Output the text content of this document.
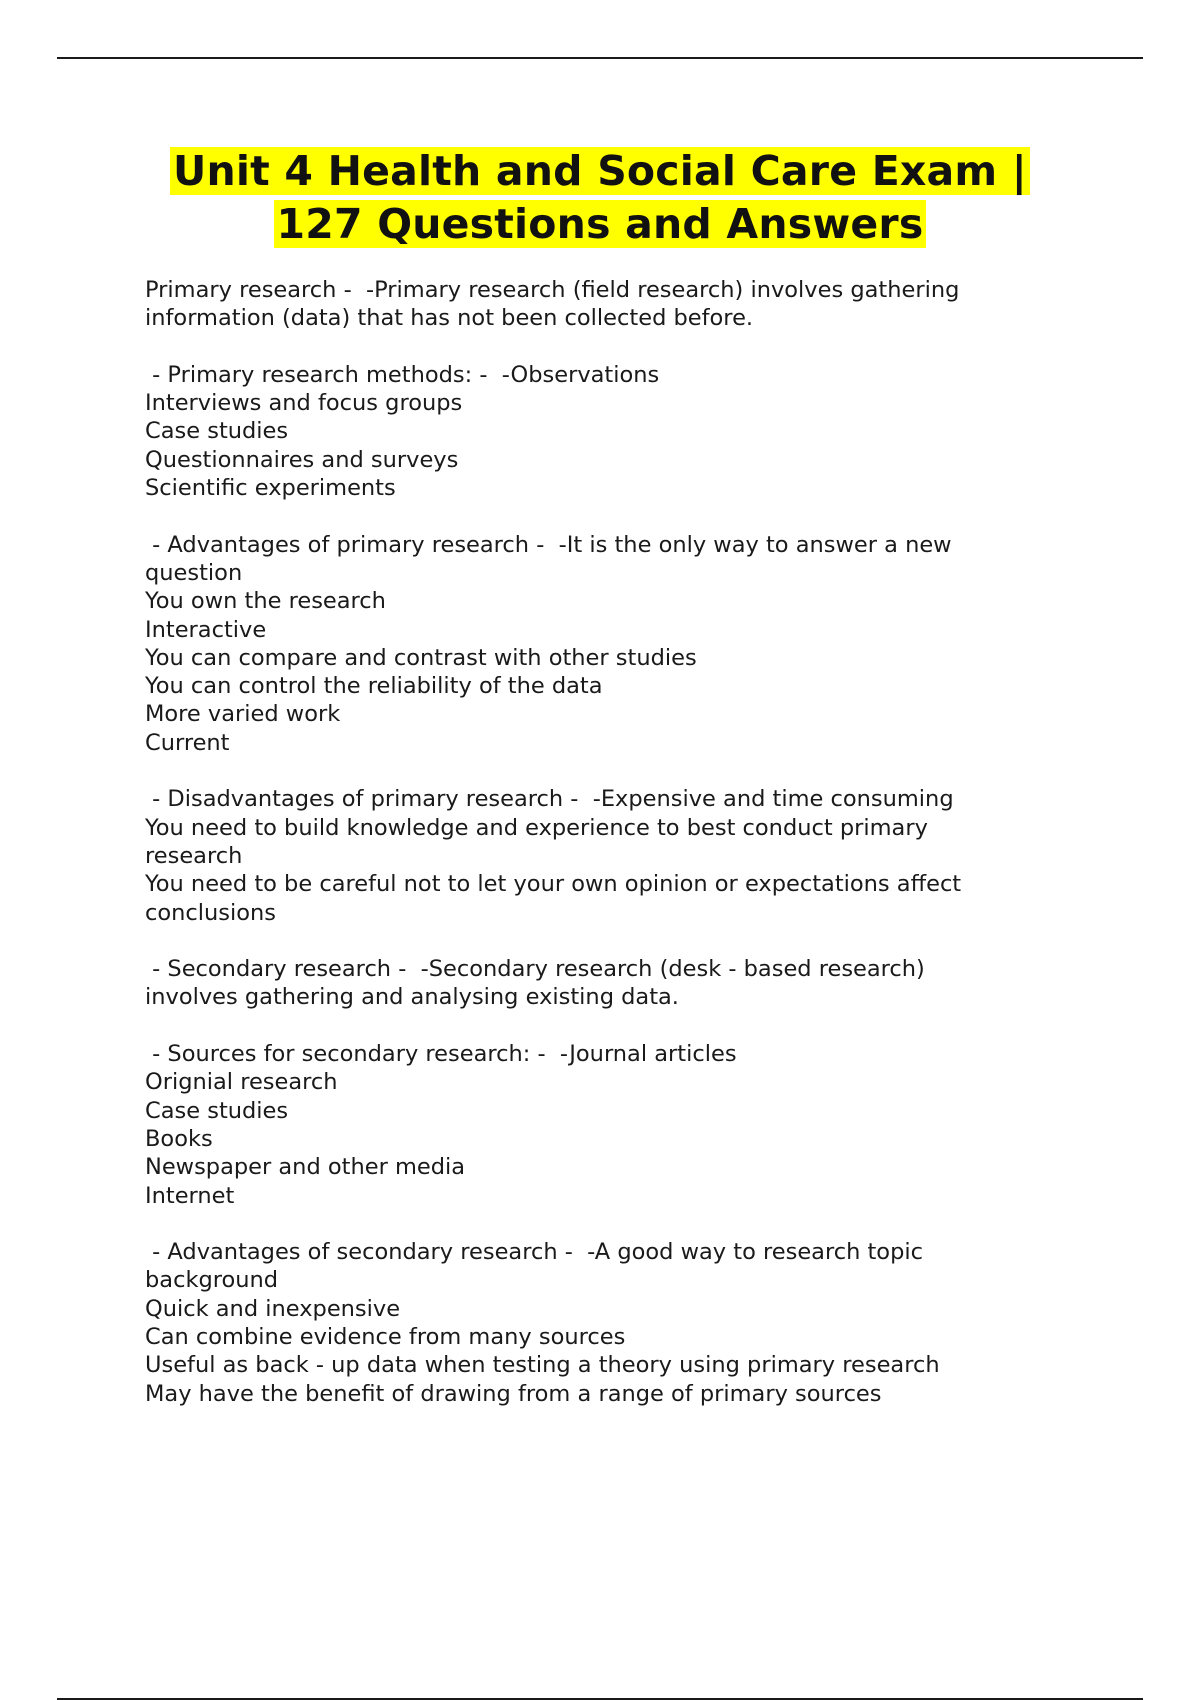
Unit 4 Health and Social Care Exam |
127 Questions and Answers
Primary research -  -Primary research (field research) involves gathering
information (data) that has not been collected before.
- Primary research methods: -  -Observations
Interviews and focus groups
Case studies
Questionnaires and surveys
Scientific experiments
- Advantages of primary research -  -It is the only way to answer a new
question
You own the research
Interactive
You can compare and contrast with other studies
You can control the reliability of the data
More varied work
Current
- Disadvantages of primary research -  -Expensive and time consuming
You need to build knowledge and experience to best conduct primary
research
You need to be careful not to let your own opinion or expectations affect
conclusions
- Secondary research -  -Secondary research (desk - based research)
involves gathering and analysing existing data.
- Sources for secondary research: -  -Journal articles
Orignial research
Case studies
Books
Newspaper and other media
Internet
- Advantages of secondary research -  -A good way to research topic
background
Quick and inexpensive
Can combine evidence from many sources
Useful as back - up data when testing a theory using primary research
May have the benefit of drawing from a range of primary sources
